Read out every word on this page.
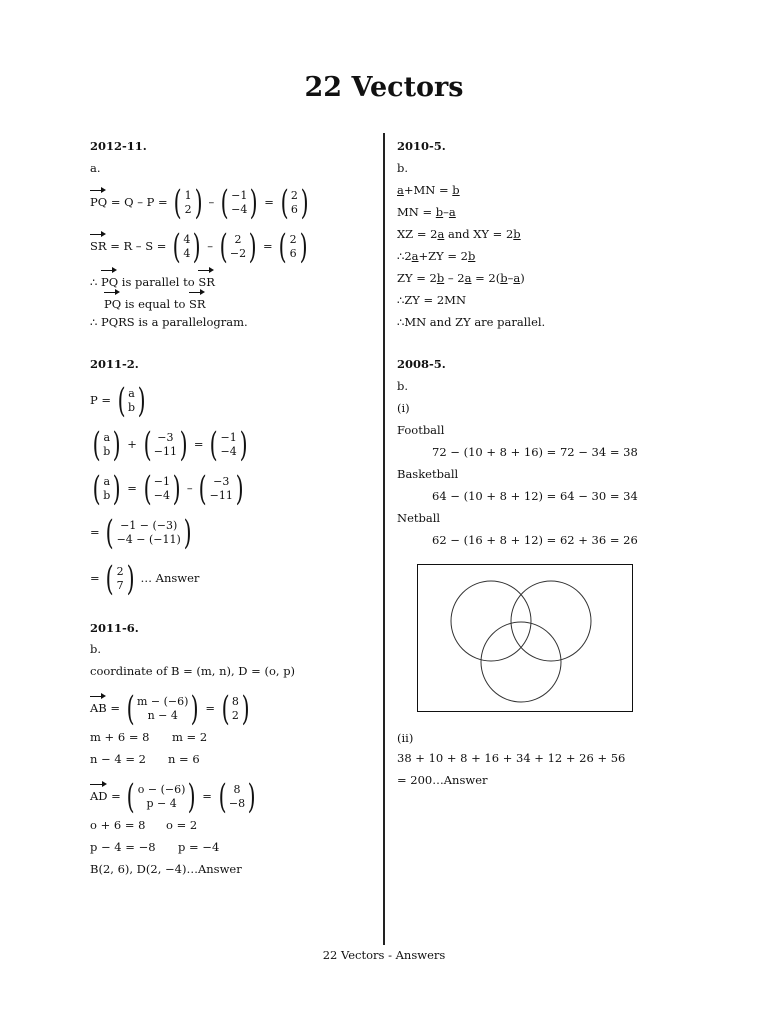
22 Vectors
2012-11.
a.
PQ = Q – P = ( 1
2 ) – ( −1
−4 ) = ( 2
6 )
SR = R – S = ( 4
4 ) – ( 2
−2 ) = ( 2
6 )
∴ PQ is parallel to SR
PQ is equal to SR
∴ PQRS is a parallelogram.
2011-2.
P = ( a
b )
( a
b ) + ( −3
−11 ) = ( −1
−4 )
( a
b ) = ( −1
−4 ) – ( −3
−11 )
= ( −1 − (−3)
−4 − (−11) )
= ( 2
7 ) … Answer
2011-6.
b.
coordinate of B = (m, n), D = (o, p)
AB = ( m − (−6)
n − 4 ) = ( 8
2 )
m + 6 = 8 m = 2
n − 4 = 2 n = 6
AD = ( o − (−6)
p − 4 ) = ( 8
−8 )
o + 6 = 8 o = 2
p − 4 = −8 p = −4
B(2, 6), D(2, −4)…Answer
2010-5.
b.
a+MN = b
MN = b–a
XZ = 2a and XY = 2b
∴2a+ZY = 2b
ZY = 2b – 2a = 2(b–a)
∴ZY = 2MN
∴MN and ZY are parallel.
2008-5.
b.
(i)
Football
72 − (10 + 8 + 16) = 72 − 34 = 38
Basketball
64 − (10 + 8 + 12) = 64 − 30 = 34
Netball
62 − (16 + 8 + 12) = 62 + 36 = 26
(ii)
38 + 10 + 8 + 16 + 34 + 12 + 26 + 56
= 200…Answer
22 Vectors - Answers
